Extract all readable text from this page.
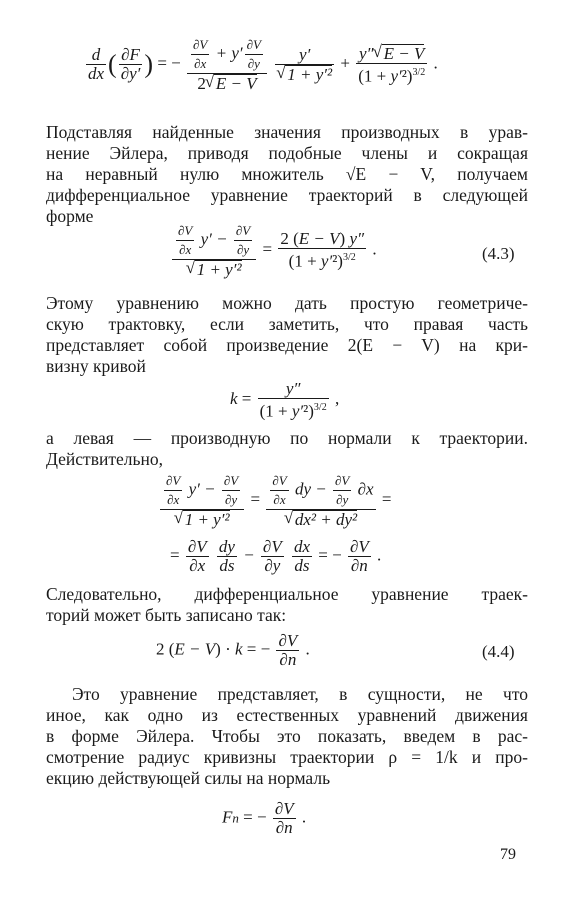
$\frac{d}{dx}$ ( $\frac{\partial F}{\partial y'}$ ) = − $\frac{\frac{\partial V}{\partial x} + y' \frac{\partial V}{\partial y}}{2 √ E - V}$
y′
√ $1 + y'^2 + \frac{y'' √ E - V}{(1 + y'^2)^{3/2}}$ .
Подставляя найденные значения производных в урав-
нение Эйлера, приводя подобные члены и сокращая
на неравный нулю множитель √E − V, получаем
дифференциальное уравнение траекторий в следующей
форме
$\frac{\partial V}{\partial x} y' - \frac{\partial V}{\partial y}$
√ $1 + y'^2 = \frac{2 (E - V) y''}{(1 + y'^2)^{3/2}}$ .	(4.3)
Этому уравнению можно дать простую геометриче-
скую трактовку, если заметить, что правая часть
представляет собой произведение 2(E − V) на кри-
визну кривой
$k = \frac{y''}{(1 + y'^2)^{3/2}}$ ,
а левая — производную по нормали к траектории.
Действительно,
$\frac{\partial V}{\partial x} y' - \frac{\partial V}{\partial y}$
√ $1 + y'^2 = \frac{\partial V}{\partial x}$ dy − $\frac{\partial V}{\partial y} \partial x$
√ dx² + dy² =
= $\frac{\partial V}{\partial x}$
$\frac{dy}{ds} - \frac{\partial V}{\partial y}$
$\frac{dx}{ds}$ = − $\frac{\partial V}{\partial n}$ .
Следовательно, дифференциальное уравнение траек-
торий может быть записано так:
2 (E − V) · k = − $\frac{\partial V}{\partial n}$ .	(4.4)
Это уравнение представляет, в сущности, не что
иное, как одно из естественных уравнений движения
в форме Эйлера. Чтобы это показать, введем в рас-
смотрение радиус кривизны траектории ρ = 1/k и про-
екцию действующей силы на нормаль
Fn = − $\frac{\partial V}{\partial n}$ .
79
